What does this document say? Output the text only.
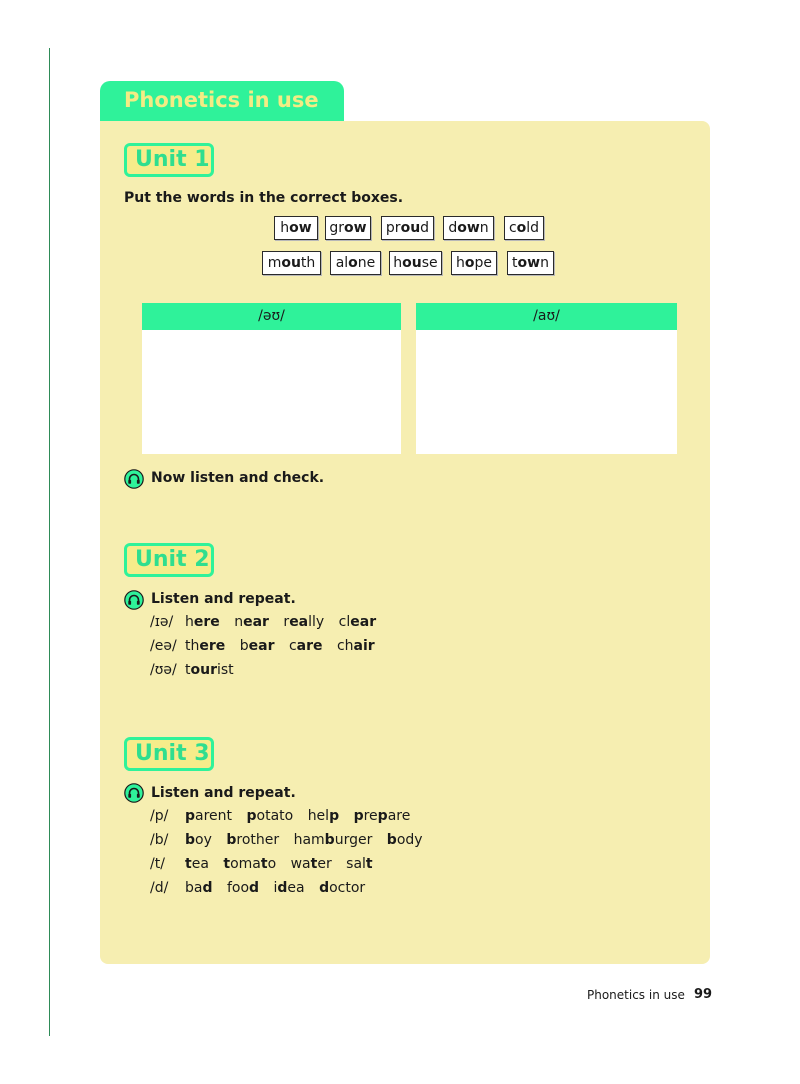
Phonetics in use
Unit 1
Put the words in the correct boxes.
how	grow	proud	down	cold
mouth	alone	house	hope	town
/əʊ/	/aʊ/
Now listen and check.
Unit 2
Listen and repeat.
/ɪə/ here near really clear
/eə/ there bear care chair
/ʊə/ tourist
Unit 3
Listen and repeat.
/p/ parent potato help prepare
/b/ boy brother hamburger body
/t/ tea tomato water salt
/d/ bad food idea doctor
Phonetics in use 99
